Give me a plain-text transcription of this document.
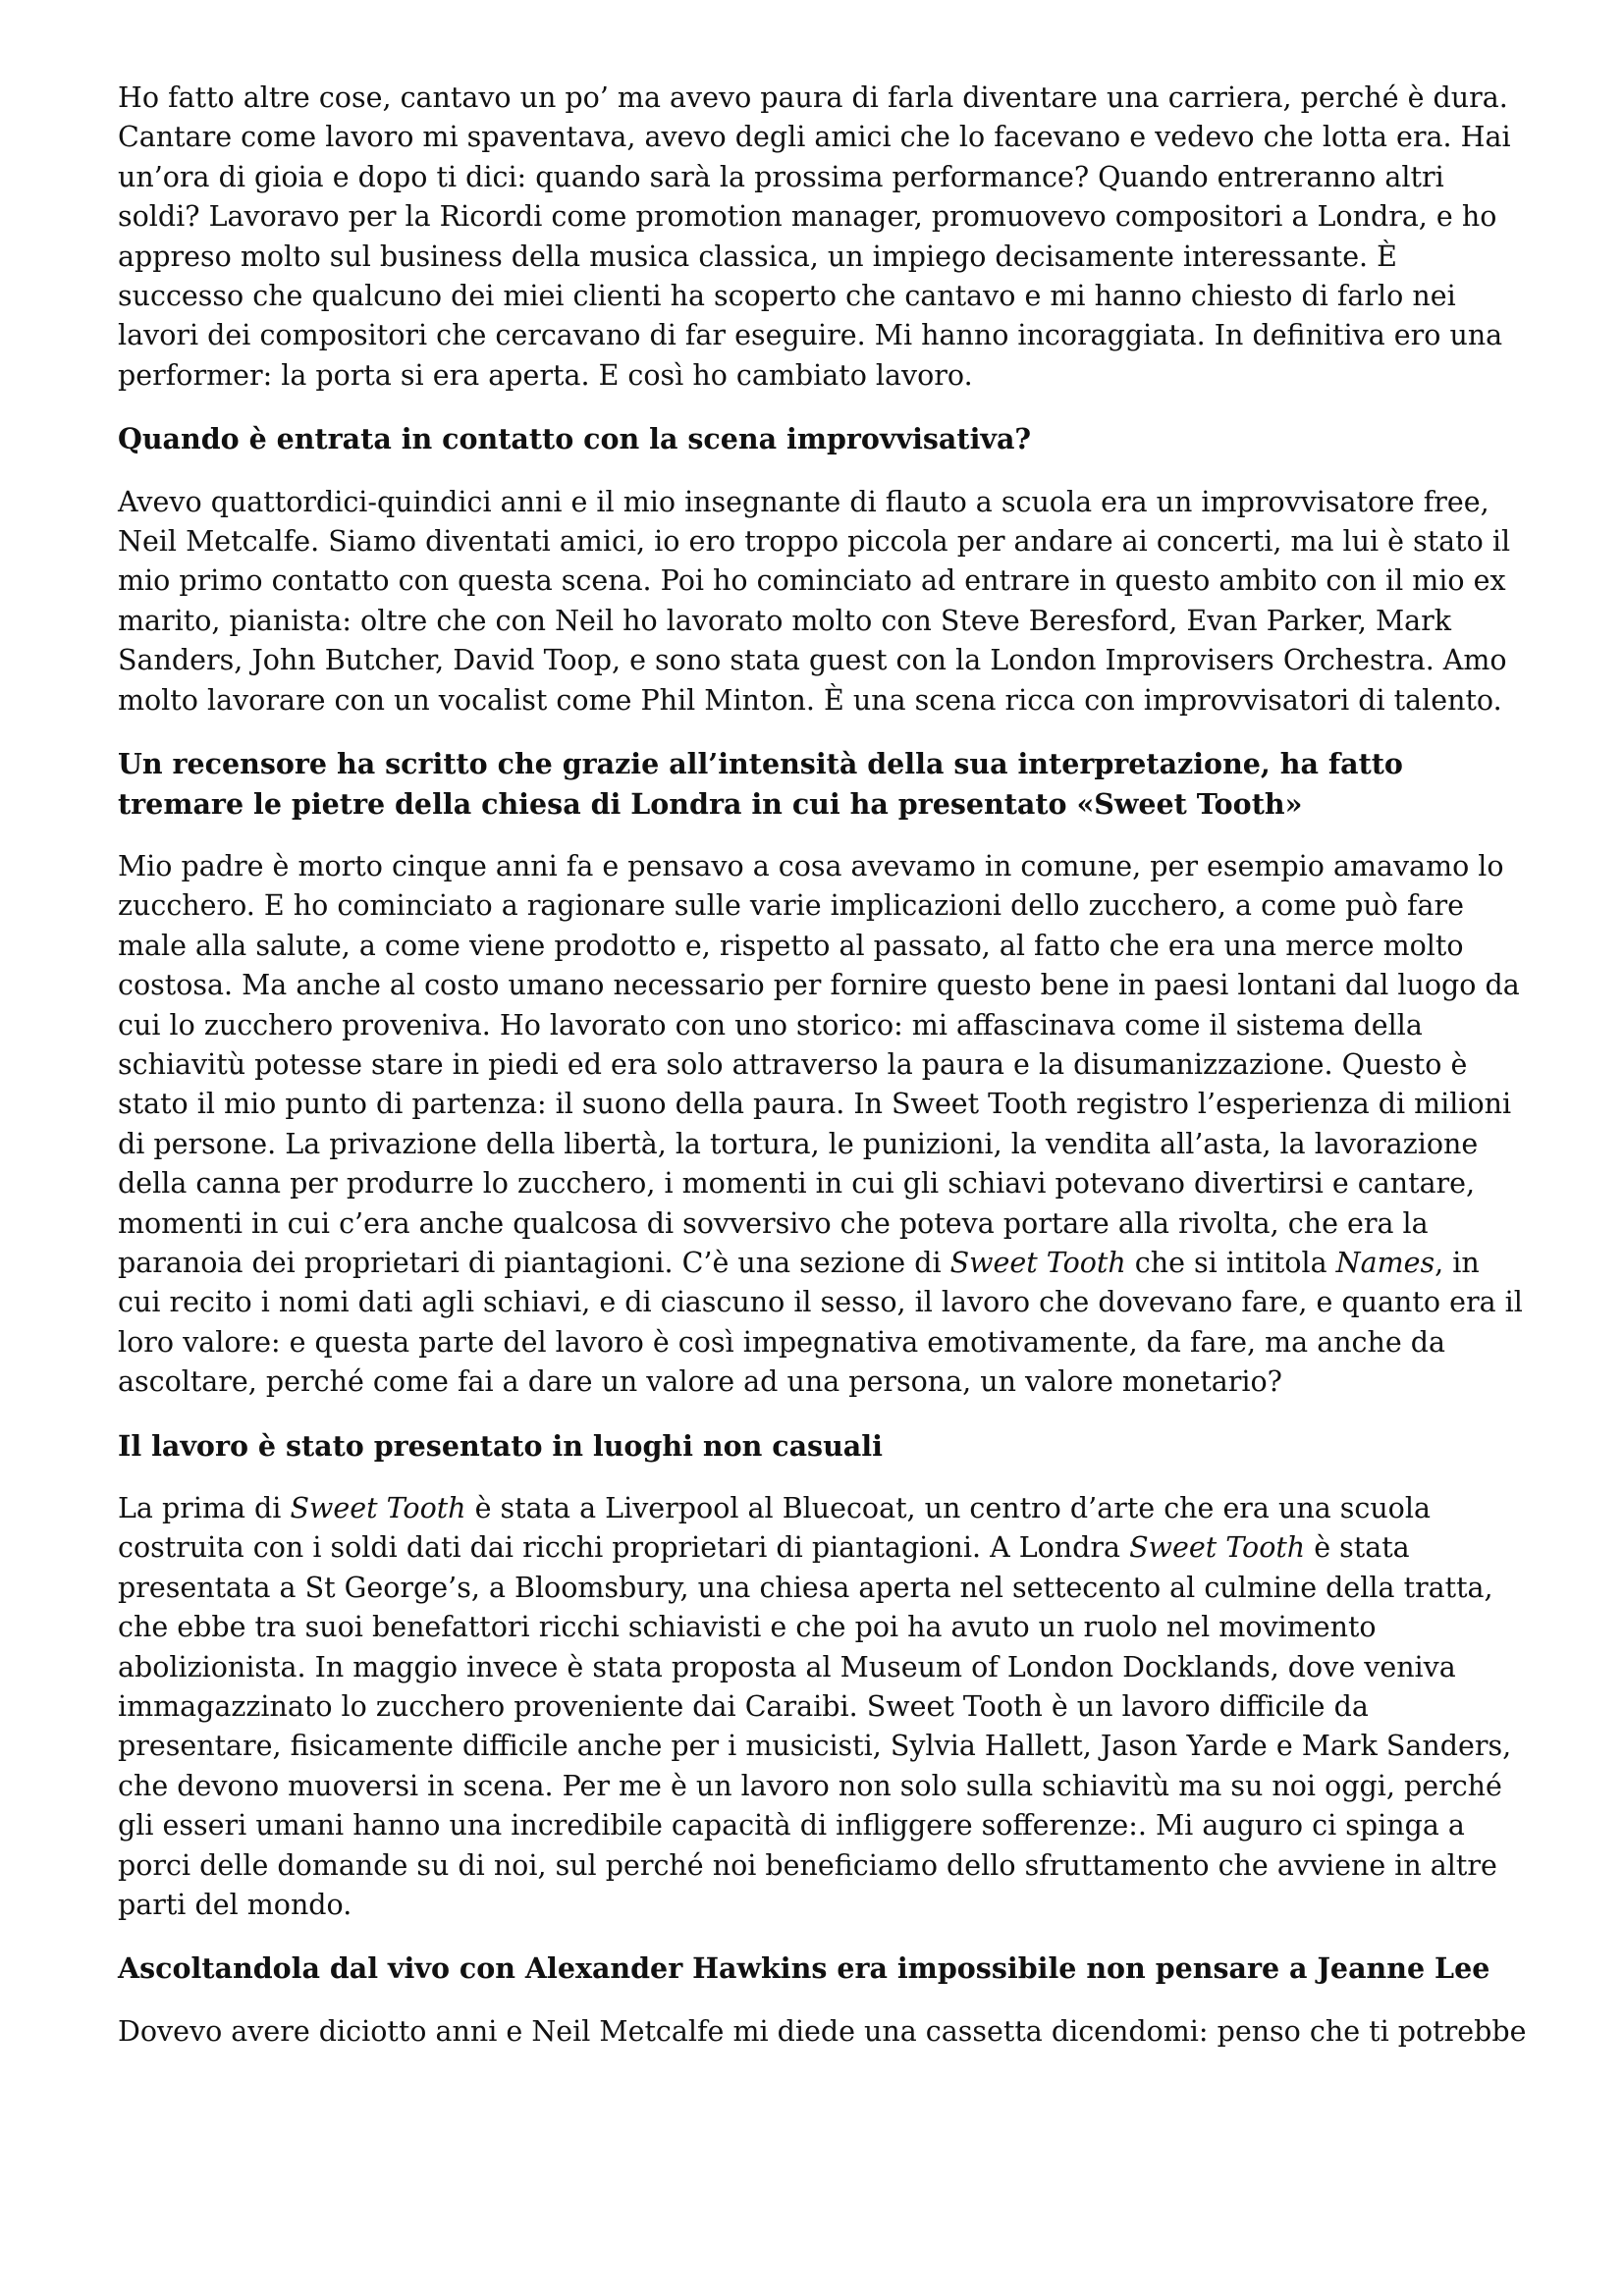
Ho fatto altre cose, cantavo un po’ ma avevo paura di farla diventare una carriera, perché è dura. Cantare come lavoro mi spaventava, avevo degli amici che lo facevano e vedevo che lotta era. Hai un’ora di gioia e dopo ti dici: quando sarà la prossima performance? Quando entreranno altri soldi? Lavoravo per la Ricordi come promotion manager, promuovevo compositori a Londra, e ho appreso molto sul business della musica classica, un impiego decisamente interessante. È successo che qualcuno dei miei clienti ha scoperto che cantavo e mi hanno chiesto di farlo nei lavori dei compositori che cercavano di far eseguire. Mi hanno incoraggiata. In definitiva ero una performer: la porta si era aperta. E così ho cambiato lavoro.

Quando è entrata in contatto con la scena improvvisativa?

Avevo quattordici-quindici anni e il mio insegnante di flauto a scuola era un improvvisatore free, Neil Metcalfe. Siamo diventati amici, io ero troppo piccola per andare ai concerti, ma lui è stato il mio primo contatto con questa scena. Poi ho cominciato ad entrare in questo ambito con il mio ex marito, pianista: oltre che con Neil ho lavorato molto con Steve Beresford, Evan Parker, Mark Sanders, John Butcher, David Toop, e sono stata guest con la London Improvisers Orchestra. Amo molto lavorare con un vocalist come Phil Minton. È una scena ricca con improvvisatori di talento.

Un recensore ha scritto che grazie all’intensità della sua interpretazione, ha fatto tremare le pietre della chiesa di Londra in cui ha presentato «Sweet Tooth»

Mio padre è morto cinque anni fa e pensavo a cosa avevamo in comune, per esempio amavamo lo zucchero. E ho cominciato a ragionare sulle varie implicazioni dello zucchero, a come può fare male alla salute, a come viene prodotto e, rispetto al passato, al fatto che era una merce molto costosa. Ma anche al costo umano necessario per fornire questo bene in paesi lontani dal luogo da cui lo zucchero proveniva. Ho lavorato con uno storico: mi affascinava come il sistema della schiavitù potesse stare in piedi ed era solo attraverso la paura e la disumanizzazione. Questo è stato il mio punto di partenza: il suono della paura. In Sweet Tooth registro l’esperienza di milioni di persone. La privazione della libertà, la tortura, le punizioni, la vendita all’asta, la lavorazione della canna per produrre lo zucchero, i momenti in cui gli schiavi potevano divertirsi e cantare, momenti in cui c’era anche qualcosa di sovversivo che poteva portare alla rivolta, che era la paranoia dei proprietari di piantagioni. C’è una sezione di Sweet Tooth che si intitola Names, in cui recito i nomi dati agli schiavi, e di ciascuno il sesso, il lavoro che dovevano fare, e quanto era il loro valore: e questa parte del lavoro è così impegnativa emotivamente, da fare, ma anche da ascoltare, perché come fai a dare un valore ad una persona, un valore monetario?

Il lavoro è stato presentato in luoghi non casuali

La prima di Sweet Tooth è stata a Liverpool al Bluecoat, un centro d’arte che era una scuola costruita con i soldi dati dai ricchi proprietari di piantagioni. A Londra Sweet Tooth è stata presentata a St George’s, a Bloomsbury, una chiesa aperta nel settecento al culmine della tratta, che ebbe tra suoi benefattori ricchi schiavisti e che poi ha avuto un ruolo nel movimento abolizionista. In maggio invece è stata proposta al Museum of London Docklands, dove veniva immagazzinato lo zucchero proveniente dai Caraibi. Sweet Tooth è un lavoro difficile da presentare, fisicamente difficile anche per i musicisti, Sylvia Hallett, Jason Yarde e Mark Sanders, che devono muoversi in scena. Per me è un lavoro non solo sulla schiavitù ma su noi oggi, perché gli esseri umani hanno una incredibile capacità di infliggere sofferenze:. Mi auguro ci spinga a porci delle domande su di noi, sul perché noi beneficiamo dello sfruttamento che avviene in altre parti del mondo.

Ascoltandola dal vivo con Alexander Hawkins era impossibile non pensare a Jeanne Lee

Dovevo avere diciotto anni e Neil Metcalfe mi diede una cassetta dicendomi: penso che ti potrebbe
